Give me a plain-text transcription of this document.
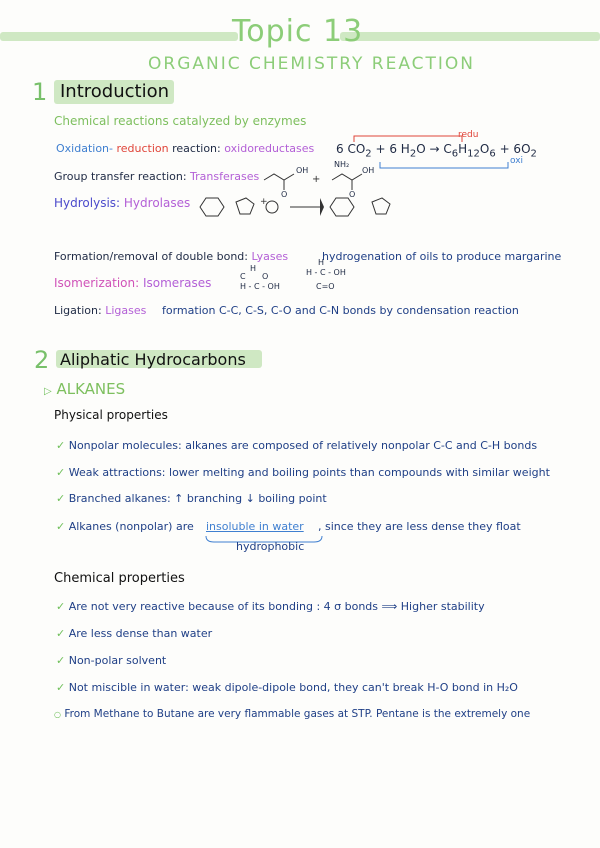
Topic 13
ORGANIC CHEMISTRY REACTION
1 Introduction
Chemical reactions catalyzed by enzymes
Oxidation- reduction reaction: oxidoreductases 6 $CO_2 + 6$ $H_2O \to C_6H_{12}O_6 + 6O_2$
redu
oxi
Group transfer reaction: Transferases	+
OH
NH₂
OH
O	O
Hydrolysis: Hydrolases	+
Formation/removal of double bond: Lyases	hydrogenation of oils to produce margarine
Isomerization: Isomerases
H
C O
H - C - OH
H
H - C - OH
C=O
Ligation: Ligases formation C-C, C-S, C-O and C-N bonds by condensation reaction
2 Aliphatic Hydrocarbons
▷ ALKANES
Physical properties
✓ Nonpolar molecules: alkanes are composed of relatively nonpolar C-C and C-H bonds
✓ Weak attractions: lower melting and boiling points than compounds with similar weight
✓ Branched alkanes: ↑ branching ↓ boiling point
✓ Alkanes (nonpolar) are insoluble in water , since they are less dense they float
hydrophobic
Chemical properties
✓ Are not very reactive because of its bonding : 4 σ bonds ⟹ Higher stability
✓ Are less dense than water
✓ Non-polar solvent
✓ Not miscible in water: weak dipole-dipole bond, they can't break H-O bond in H₂O
○ From Methane to Butane are very flammable gases at STP. Pentane is the extremely one
